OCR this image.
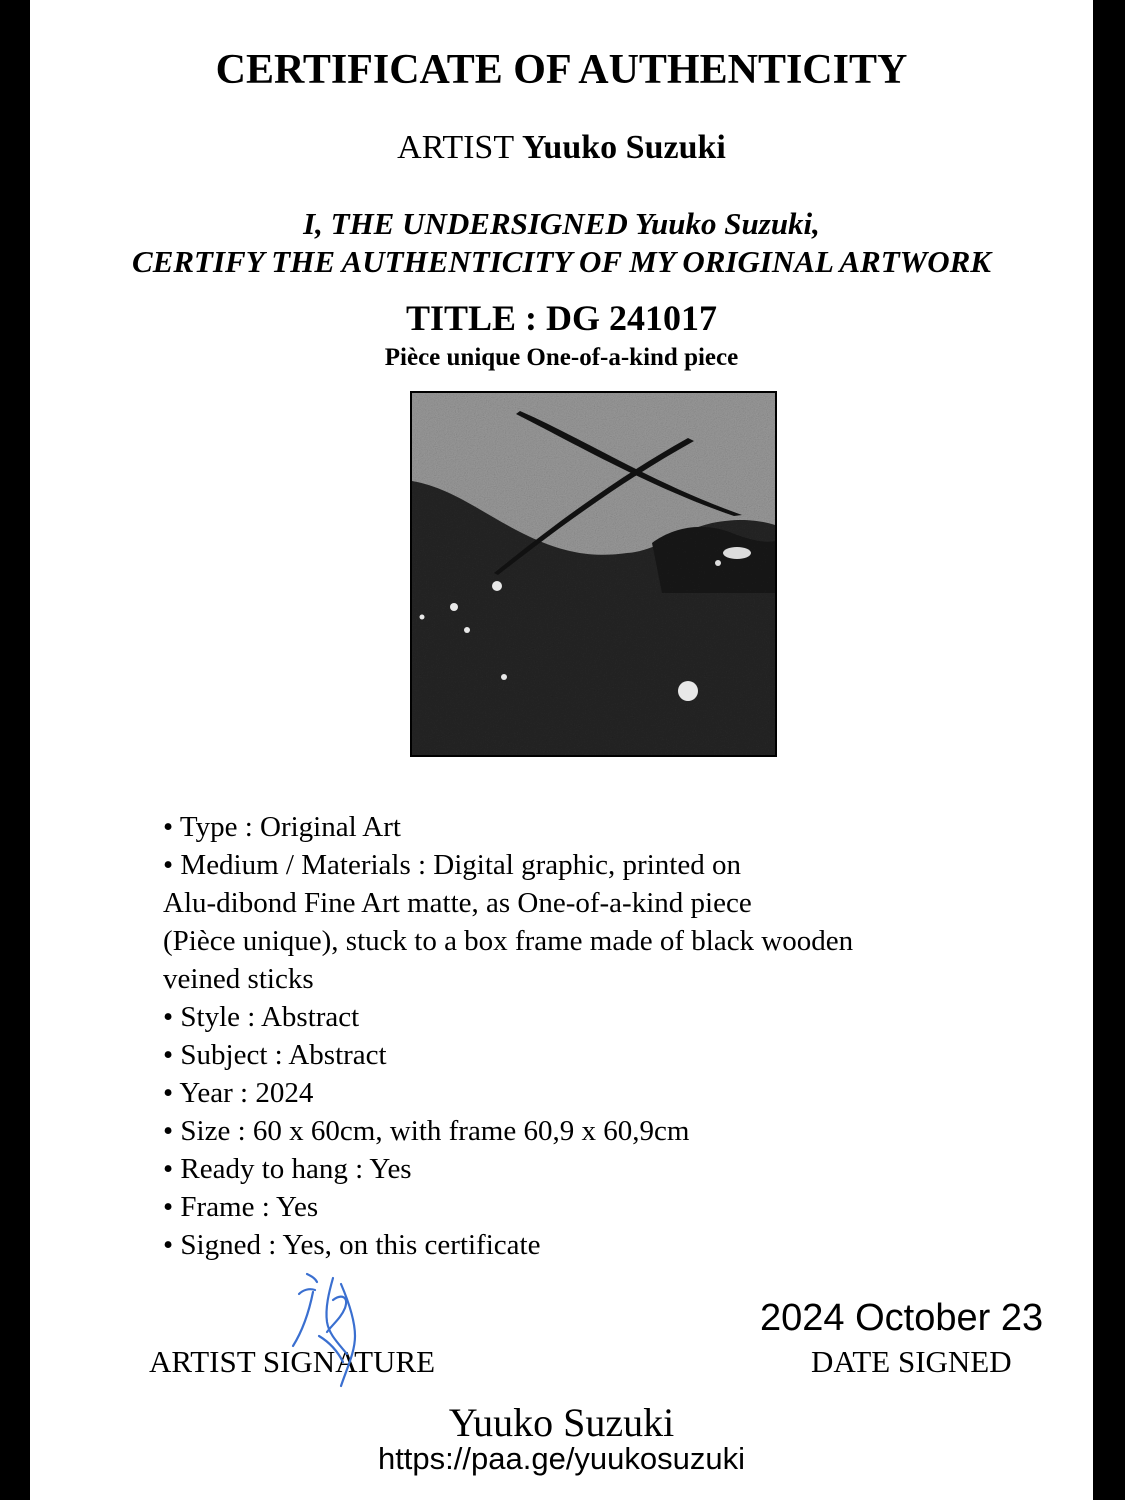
CERTIFICATE OF AUTHENTICITY
ARTIST Yuuko Suzuki
I, THE UNDERSIGNED Yuuko Suzuki,
CERTIFY THE AUTHENTICITY OF MY ORIGINAL ARTWORK
TITLE : DG 241017
Pièce unique One-of-a-kind piece
• Type : Original Art
• Medium / Materials : Digital graphic, printed on
Alu-dibond Fine Art matte, as One-of-a-kind piece
(Pièce unique), stuck to a box frame made of black wooden
veined sticks
• Style : Abstract
• Subject : Abstract
• Year : 2024
• Size : 60 x 60cm, with frame 60,9 x 60,9cm
• Ready to hang : Yes
• Frame : Yes
• Signed : Yes, on this certificate
ARTIST SIGNATURE
2024 October 23
DATE SIGNED
Yuuko Suzuki
https://paa.ge/yuukosuzuki
